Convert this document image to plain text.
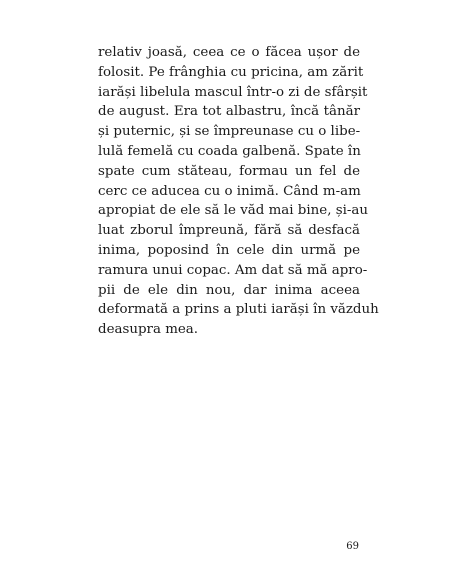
relativ joasă, ceea ce o făcea ușor de
folosit. Pe frânghia cu pricina, am zărit
iarăși libelula mascul într-o zi de sfârșit
de august. Era tot albastru, încă tânăr
și puternic, și se împreunase cu o libe-
lulă femelă cu coada galbenă. Spate în
spate cum stăteau, formau un fel de
cerc ce aducea cu o inimă. Când m-am
apropiat de ele să le văd mai bine, și-au
luat zborul împreună, fără să desfacă
inima, poposind în cele din urmă pe
ramura unui copac. Am dat să mă apro-
pii de ele din nou, dar inima aceea
deformată a prins a pluti iarăși în văzduh
deasupra mea.
69
